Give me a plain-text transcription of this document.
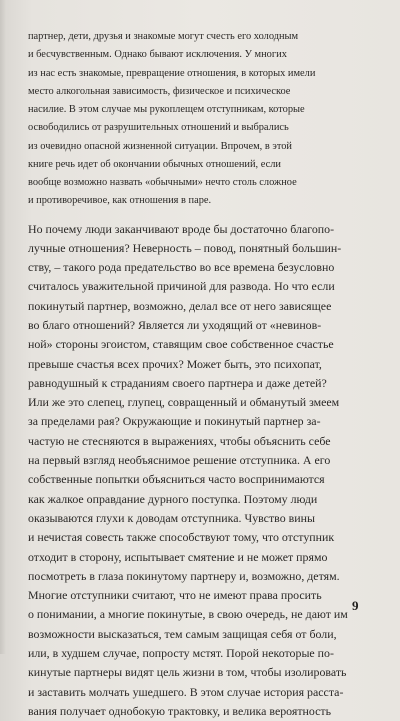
партнер, дети, друзья и знакомые могут счесть его холодным
и бесчувственным. Однако бывают исключения. У многих
из нас есть знакомые, превращение отношения, в которых имели
место алкогольная зависимость, физическое и психическое
насилие. В этом случае мы рукоплещем отступникам, которые
освободились от разрушительных отношений и выбрались
из очевидно опасной жизненной ситуации. Впрочем, в этой
книге речь идет об окончании обычных отношений, если
вообще возможно назвать «обычными» нечто столь сложное
и противоречивое, как отношения в паре.

Но почему люди заканчивают вроде бы достаточно благопо-
лучные отношения? Неверность – повод, понятный большин-
ству, – такого рода предательство во все времена безусловно
считалось уважительной причиной для развода. Но что если
покинутый партнер, возможно, делал все от него зависящее
во благо отношений? Является ли уходящий от «невинов-
ной» стороны эгоистом, ставящим свое собственное счастье
превыше счастья всех прочих? Может быть, это психопат,
равнодушный к страданиям своего партнера и даже детей?
Или же это слепец, глупец, совращенный и обманутый змеем
за пределами рая? Окружающие и покинутый партнер за-
частую не стесняются в выражениях, чтобы объяснить себе
на первый взгляд необъяснимое решение отступника. А его
собственные попытки объясниться часто воспринимаются
как жалкое оправдание дурного поступка. Поэтому люди
оказываются глухи к доводам отступника. Чувство вины
и нечистая совесть также способствуют тому, что отступник
отходит в сторону, испытывает смятение и не может прямо
посмотреть в глаза покинутому партнеру и, возможно, детям.
Многие отступники считают, что не имеют права просить
о понимании, а многие покинутые, в свою очередь, не дают им
возможности высказаться, тем самым защищая себя от боли,
или, в худшем случае, попросту мстят. Порой некоторые по-
кинутые партнеры видят цель жизни в том, чтобы изолировать
и заставить молчать ушедшего. В этом случае история расста-
вания получает однобокую трактовку, и велика вероятность

9
